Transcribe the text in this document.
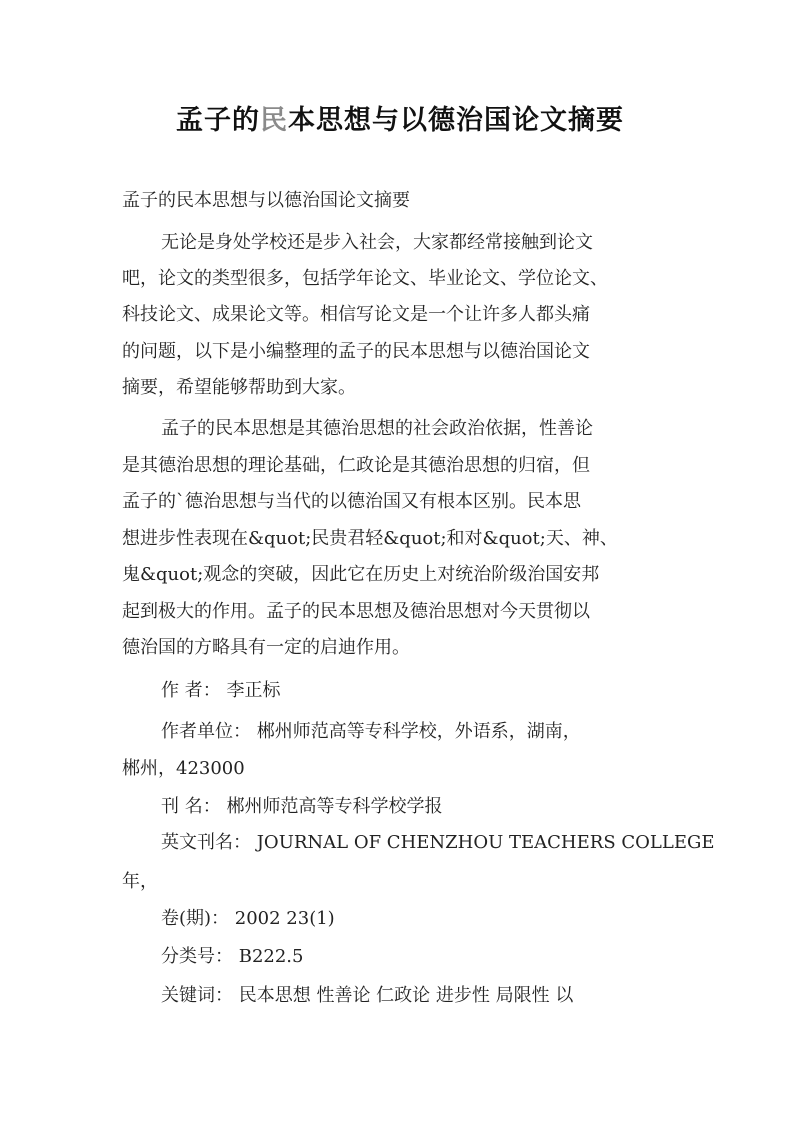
孟子的民本思想与以德治国论文摘要
孟子的民本思想与以德治国论文摘要
无论是身处学校还是步入社会，大家都经常接触到论文
吧，论文的类型很多，包括学年论文、毕业论文、学位论文、
科技论文、成果论文等。相信写论文是一个让许多人都头痛
的问题，以下是小编整理的孟子的民本思想与以德治国论文
摘要，希望能够帮助到大家。
孟子的民本思想是其德治思想的社会政治依据，性善论
是其德治思想的理论基础，仁政论是其德治思想的归宿，但
孟子的`德治思想与当代的以德治国又有根本区别。民本思
想进步性表现在&quot;民贵君轻&quot;和对&quot;天、神、
鬼&quot;观念的突破，因此它在历史上对统治阶级治国安邦
起到极大的作用。孟子的民本思想及德治思想对今天贯彻以
德治国的方略具有一定的启迪作用。
作 者： 李正标
作者单位： 郴州师范高等专科学校，外语系，湖南，
郴州，423000
刊 名： 郴州师范高等专科学校学报
英文刊名： JOURNAL OF CHENZHOU TEACHERS COLLEGE
年，
卷(期)： 2002 23(1)
分类号： B222.5
关键词： 民本思想 性善论 仁政论 进步性 局限性 以
